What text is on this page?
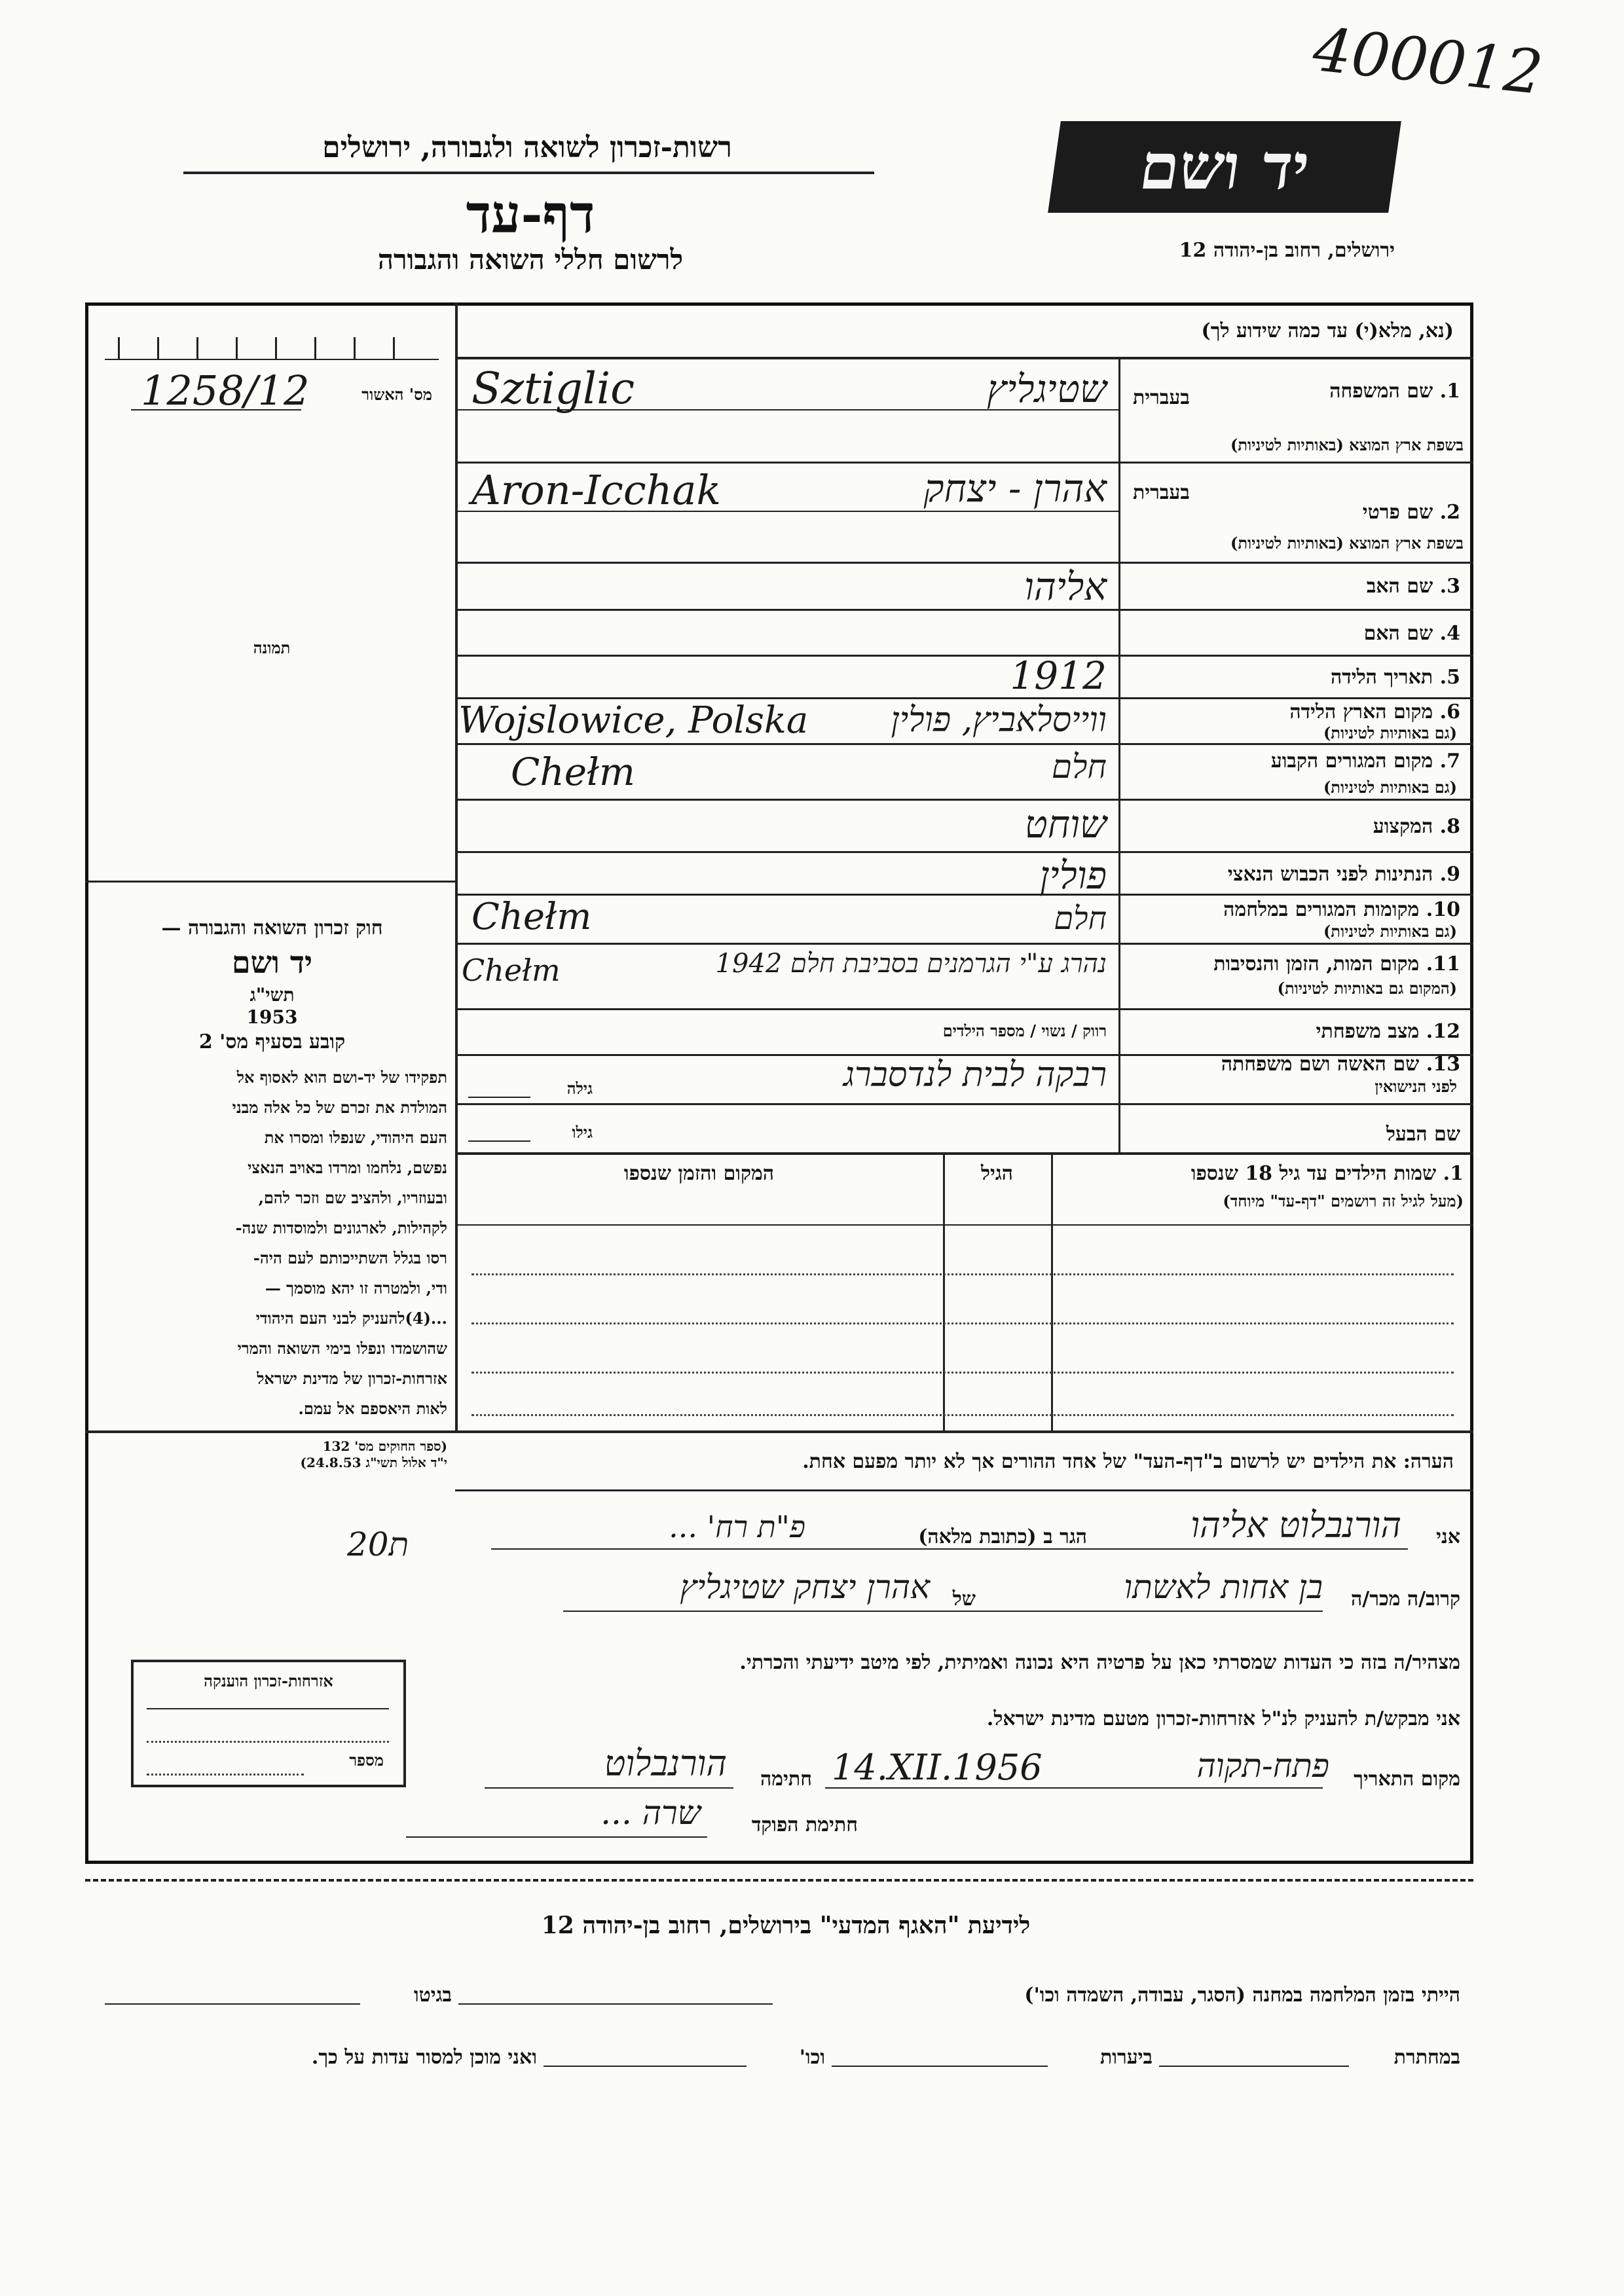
400012
יד ושם
ירושלים, רחוב בן-יהודה 12
רשות-זכרון לשואה ולגבורה, ירושלים
דף-עד
לרשום חללי השואה והגבורה
(נא, מלא(י) עד כמה שידוע לך)
מס' האשור
1258/12
תמונה
חוק זכרון השואה והגבורה —
יד ושם
תשי"ג
1953
קובע בסעיף מס' 2
תפקידו של יד-ושם הוא לאסוף אל
המולדת את זכרם של כל אלה מבני
העם היהודי, שנפלו ומסרו את
נפשם, נלחמו ומרדו באויב הנאצי
ובעוזריו, ולהציב שם וזכר להם,
לקהילות, לארגונים ולמוסדות שנה-
רסו בגלל השתייכותם לעם היה-
ודי, ולמטרה זו יהא מוסמך —
...(4)להעניק לבני העם היהודי
שהושמדו ונפלו בימי השואה והמרי
אזרחות-זכרון של מדינת ישראל
לאות היאספם אל עמם.
(ספר החוקים מס' 132
י"ד אלול תשי"ג 24.8.53)
1. שם המשפחה
בשפת ארץ המוצא (באותיות לטיניות)
בעברית
שטיגליץ
Sztiglic
2. שם פרטי
בשפת ארץ המוצא (באותיות לטיניות)
בעברית
אהרן - יצחק
Aron-Icchak
3. שם האב
אליהו
4. שם האם
5. תאריך הלידה
1912
6. מקום הארץ הלידה
(גם באותיות לטיניות)
ווייסלאביץ, פולין
Wojslowice, Polska
7. מקום המגורים הקבוע
(גם באותיות לטיניות)
חלם
Chełm
8. המקצוע
שוחט
9. הנתינות לפני הכבוש הנאצי
פולין
10. מקומות המגורים במלחמה
(גם באותיות לטיניות)
חלם
Chełm
11. מקום המות, הזמן והנסיבות
(המקום גם באותיות לטיניות)
נהרג ע"י הגרמנים בסביבת חלם 1942
Chełm
12. מצב משפחתי
רווק / נשוי / מספר הילדים
13. שם האשה ושם משפחתה
לפני הנישואין
רבקה לבית לנדסברג
גילה
שם הבעל
גילו
1. שמות הילדים עד גיל 18 שנספו
(מעל לגיל זה רושמים "דף-עד" מיוחד)
הגיל
המקום והזמן שנספו
הערה: את הילדים יש לרשום ב"דף-העד" של אחד ההורים אך לא יותר מפעם אחת.
אני
הורנבלוט אליהו
הגר ב (כתובת מלאה)
פ"ת רח' ...
20ת
קרוב/ה מכר/ה
בן אחות לאשתו
של
אהרן יצחק שטיגליץ
מצהיר/ה בזה כי העדות שמסרתי כאן על פרטיה היא נכונה ואמיתית, לפי מיטב ידיעתי והכרתי.
אזרחות-זכרון הוענקה
מספר
אני מבקש/ת להעניק לנ"ל אזרחות-זכרון מטעם מדינת ישראל.
מקום התאריך
פתח-תקוה
14.XII.1956
חתימה
הורנבלוט
חתימת הפוקד
שרה ...
לידיעת "האגף המדעי" בירושלים, רחוב בן-יהודה 12
הייתי בזמן המלחמה במחנה (הסגר, עבודה, השמדה וכו')
בגיטו
במחתרת
ביערות
וכו'
ואני מוכן למסור עדות על כך.
